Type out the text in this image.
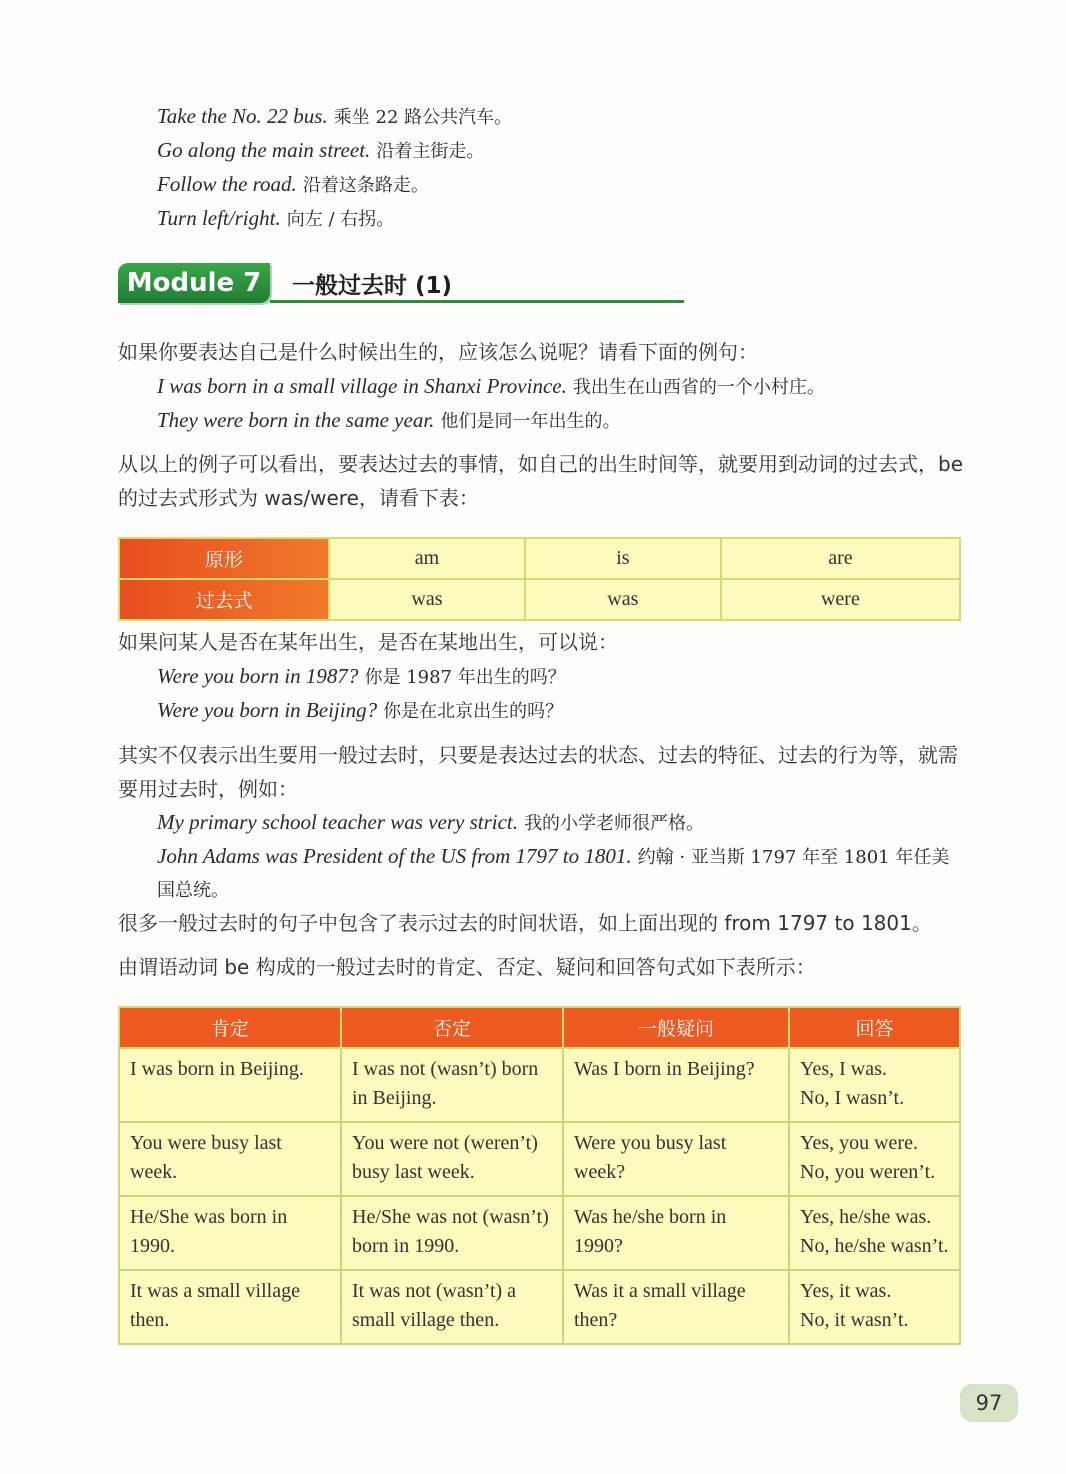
Take the No. 22 bus. 乘坐 22 路公共汽车。
Go along the main street. 沿着主街走。
Follow the road. 沿着这条路走。
Turn left/right. 向左 / 右拐。
Module 7	一般过去时 (1)
如果你要表达自己是什么时候出生的，应该怎么说呢？请看下面的例句：
I was born in a small village in Shanxi Province. 我出生在山西省的一个小村庄。
They were born in the same year. 他们是同一年出生的。
从以上的例子可以看出，要表达过去的事情，如自己的出生时间等，就要用到动词的过去式，be 的过去式形式为 was/were，请看下表：
原形	am	is	are
过去式	was	was	were
如果问某人是否在某年出生，是否在某地出生，可以说：
Were you born in 1987? 你是 1987 年出生的吗？
Were you born in Beijing? 你是在北京出生的吗？
其实不仅表示出生要用一般过去时，只要是表达过去的状态、过去的特征、过去的行为等，就需要用过去时，例如：
My primary school teacher was very strict. 我的小学老师很严格。
John Adams was President of the US from 1797 to 1801. 约翰 · 亚当斯 1797 年至 1801 年任美国总统。
很多一般过去时的句子中包含了表示过去的时间状语，如上面出现的 from 1797 to 1801。
由谓语动词 be 构成的一般过去时的肯定、否定、疑问和回答句式如下表所示：
肯定	否定	一般疑问	回答
I was born in Beijing.	I was not (wasn’t) born in Beijing.	Was I born in Beijing?	Yes, I was.
No, I wasn’t.

You were busy last week.	You were not (weren’t) busy last week.	Were you busy last week?	Yes, you were.
No, you weren’t.

He/She was born in 1990.	He/She was not (wasn’t) born in 1990.	Was he/she born in 1990?	Yes, he/she was.
No, he/she wasn’t.

It was a small village then.	It was not (wasn’t) a small village then.	Was it a small village then?	Yes, it was.
No, it wasn’t.
97
